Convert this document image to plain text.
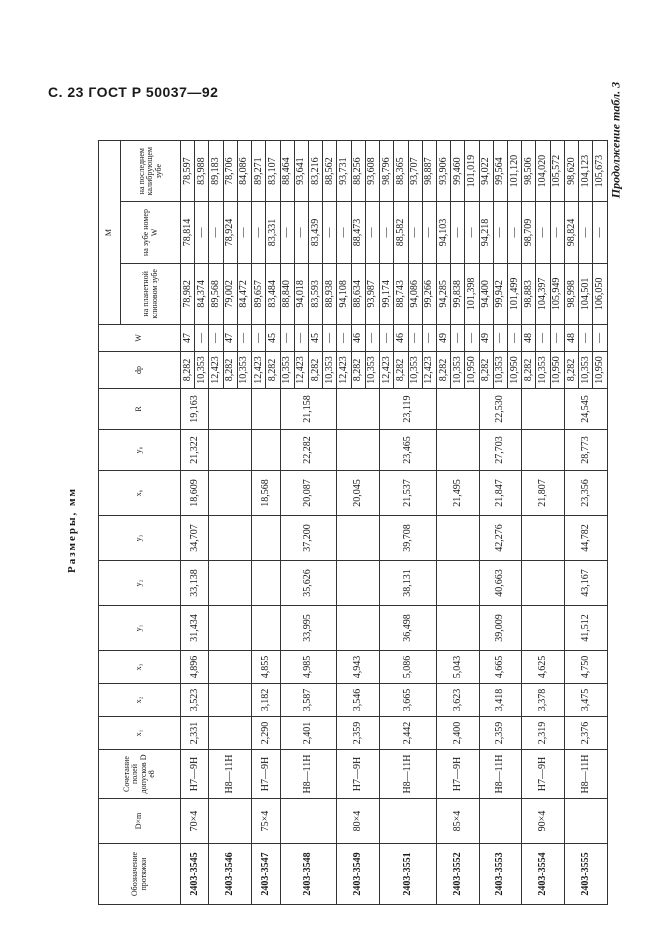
С. 23 ГОСТ Р 50037—92	Продолжение табл. 3
Размеры, мм
Обозначение протяжки	D×m	Сочетание полей допусков D e8	x₁	x₂	x₃	y₁	y₂	y₃	x₀	y₀	R	dp	W	M		
														на планетной клиновом зубе	на зубе номер W	на последнем калибрующем зубе
2403-3545	70×4	H7—9H	2,331	3,523	4,896	31,434	33,138	34,707	18,609	21,322	19,163	8,282	47	78,982	78,814	78,597
												10,353	—	84,374	—	83,988
2403-3546		H8—11H										12,423	—	89,568	—	89,183
												8,282	47	79,002	78,924	78,706
												10,353	—	84,472	—	84,086
2403-3547	75×4	H7—9H	2,290	3,182	4,855				18,568			12,423	—	89,657	—	89,271
												8,282	45	83,484	83,331	83,107
2403-3548		H8—11H	2,401	3,587	4,985	33,995	35,626	37,200	20,087	22,282	21,158	10,353	—	88,840	—	88,464
												12,423	—	94,018	—	93,641
												8,282	45	83,593	83,439	83,216
												10,353	—	88,938	—	88,562
2403-3549	80×4	H7—9H	2,359	3,546	4,943				20,045			12,423	—	94,108	—	93,731
												8,282	46	88,634	88,473	88,256
												10,353	—	93,987	—	93,608
2403-3551		H8—11H	2,442	3,665	5,086	36,498	38,131	39,708	21,537	23,465	23,119	12,423	—	99,174	—	98,796
												8,282	46	88,743	88,582	88,365
												10,353	—	94,086	—	93,707
												12,423	—	99,266	—	98,887
2403-3552	85×4	H7—9H	2,400	3,623	5,043				21,495			8,282	49	94,285	94,103	93,906
												10,353	—	99,838	—	99,460
												10,950	—	101,398	—	101,019
2403-3553		H8—11H	2,359	3,418	4,665	39,009	40,663	42,276	21,847	27,703	22,530	8,282	49	94,400	94,218	94,022
												10,353	—	99,942	—	99,564
												10,950	—	101,499	—	101,120
2403-3554	90×4	H7—9H	2,319	3,378	4,625				21,807			8,282	48	98,883	98,709	98,506
												10,353	—	104,397	—	104,020
												10,950	—	105,949	—	105,572
2403-3555		H8—11H	2,376	3,475	4,750	41,512	43,167	44,782	23,356	28,773	24,545	8,282	48	98,998	98,824	98,620
												10,353	—	104,501	—	104,123
												10,950	—	106,050	—	105,673
